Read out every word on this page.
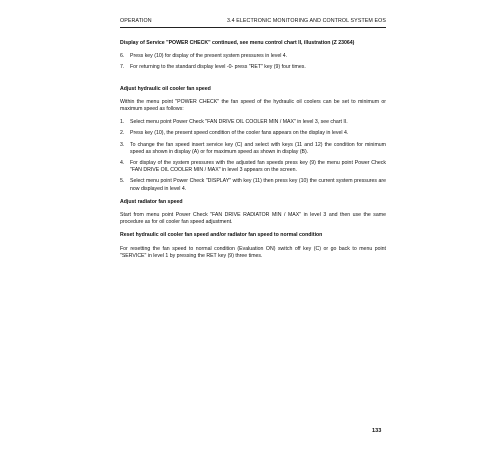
OPERATION	3.4 ELECTRONIC MONITORING AND CONTROL SYSTEM EOS
Display of Service "POWER CHECK" continued, see menu control chart II, illustration (Z 23064)
6. Press key (10) for display of the present system pressures in level 4.
7. For returning to the standard display level -0- press "RET" key (9) four times.
Adjust hydraulic oil cooler fan speed
Within the menu point "POWER CHECK" the fan speed of the hydraulic oil coolers can be set to minimum or maximum speed as follows:
1. Select menu point Power Check "FAN DRIVE OIL COOLER MIN / MAX" in level 3, see chart II.
2. Press key (10), the present speed condition of the cooler fans appears on the display in level 4.
3. To change the fan speed insert service key (C) and select with keys (11 and 12) the condition for minimum speed as shown in display (A) or for maximum speed as shown in display (B).
4. For display of the system pressures with the adjusted fan speeds press key (9) the menu point Power Check "FAN DRIVE OIL COOLER MIN / MAX" in level 3 appears on the screen.
5. Select menu point Power Check "DISPLAY" with key (11) then press key (10) the current system pressures are now displayed in level 4.
Adjust radiator fan speed
Start from menu point Power Check "FAN DRIVE RADIATOR MIN / MAX" in level 3 and then use the same procedure as for oil cooler fan speed adjustment.
Reset hydraulic oil cooler fan speed and/or radiator fan speed to normal condition
For resetting the fan speed to normal condition (Evaluation ON) switch off key (C) or go back to menu point "SERVICE" in level 1 by pressing the RET key (9) three times.
133
